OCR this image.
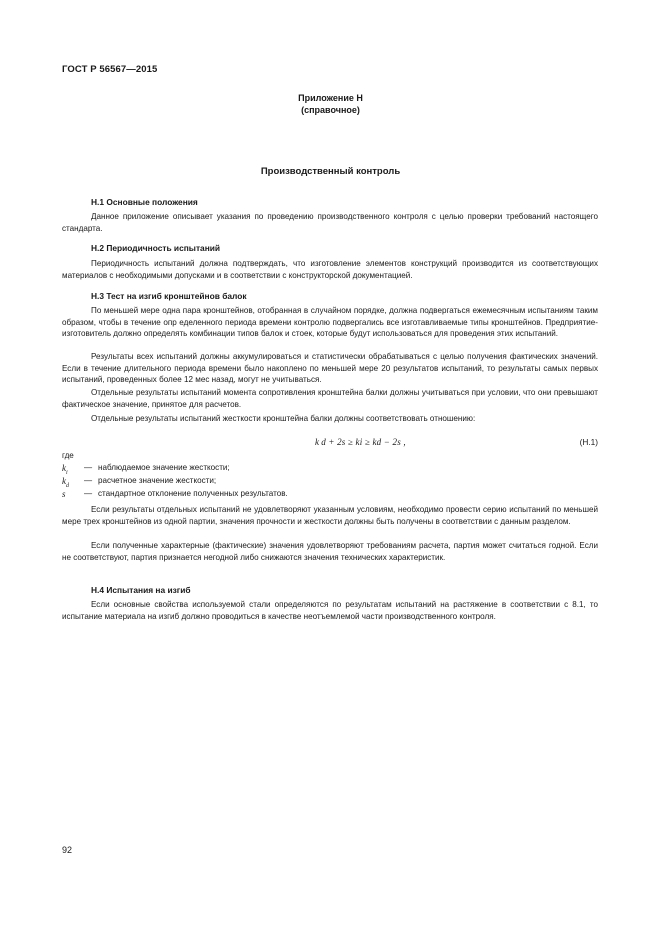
ГОСТ Р 56567—2015
Приложение Н
(справочное)
Производственный контроль
Н.1 Основные положения

Данное приложение описывает указания по проведению производственного контроля с целью проверки требований настоящего стандарта.

Н.2 Периодичность испытаний

Периодичность испытаний должна подтверждать, что изготовление элементов конструкций производится из соответствующих материалов с необходимыми допусками и в соответствии с конструкторской документацией.

Н.3 Тест на изгиб кронштейнов балок

По меньшей мере одна пара кронштейнов, отобранная в случайном порядке, должна подвергаться ежемесячным испытаниям таким образом, чтобы в течение опр еделенного периода времени контролю подвергались все изготавливаемые типы кронштейнов. Предприятие-изготовитель должно определять комбинации типов балок и стоек, которые будут использоваться для проведения этих испытаний.

Результаты всех испытаний должны аккумулироваться и статистически обрабатываться с целью получения фактических значений. Если в течение длительного периода времени было накоплено по меньшей мере 20 результатов испытаний, то результаты самых первых испытаний, проведенных более 12 мес назад, могут не учитываться.

Отдельные результаты испытаний момента сопротивления кронштейна балки должны учитываться при условии, что они превышают фактическое значение, принятое для расчетов.

Отдельные результаты испытаний жесткости кронштейна балки должны соответствовать отношению:

k d + 2s ≥ ki ≥ kd − 2s ,	(Н.1)
где
$k_i$
— наблюдаемое значение жесткости;
$k_d$
— расчетное значение жесткости;
s — стандартное отклонение полученных результатов.

Если результаты отдельных испытаний не удовлетворяют указанным условиям, необходимо провести серию испытаний по меньшей мере трех кронштейнов из одной партии, значения прочности и жесткости должны быть получены в соответствии с данным разделом.

Если полученные характерные (фактические) значения удовлетворяют требованиям расчета, партия может считаться годной. Если не соответствуют, партия признается негодной либо снижаются значения технических характеристик.

Н.4 Испытания на изгиб

Если основные свойства используемой стали определяются по результатам испытаний на растяжение в соответствии с 8.1, то испытание материала на изгиб должно проводиться в качестве неотъемлемой части производственного контроля.

92
